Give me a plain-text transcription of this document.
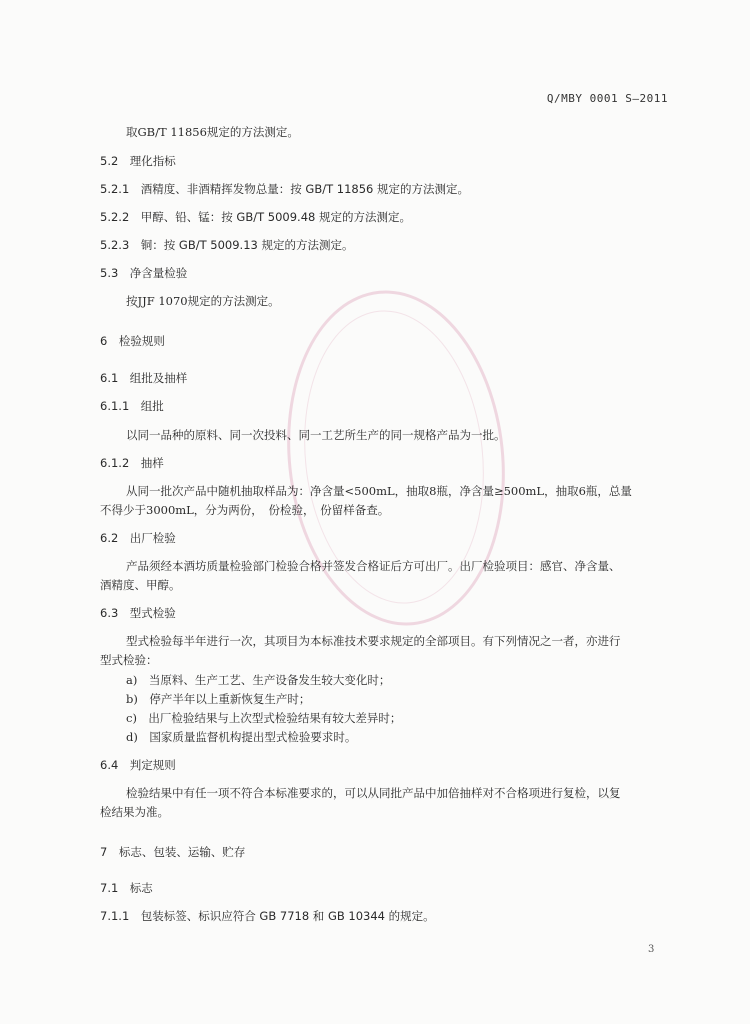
Q/MBY 0001 S—2011
取GB/T 11856规定的方法测定。
5.2　理化指标
5.2.1　酒精度、非酒精挥发物总量：按 GB/T 11856 规定的方法测定。
5.2.2　甲醇、铅、锰：按 GB/T 5009.48 规定的方法测定。
5.2.3　铜：按 GB/T 5009.13 规定的方法测定。
5.3　净含量检验
按JJF 1070规定的方法测定。
6　检验规则
6.1　组批及抽样
6.1.1　组批
以同一品种的原料、同一次投料、同一工艺所生产的同一规格产品为一批。
6.1.2　抽样
从同一批次产品中随机抽取样品为：净含量<500mL，抽取8瓶，净含量≥500mL，抽取6瓶，总量
不得少于3000mL，分为两份，　份检验，　份留样备查。
6.2　出厂检验
产品须经本酒坊质量检验部门检验合格并签发合格证后方可出厂。出厂检验项目：感官、净含量、
酒精度、甲醇。
6.3　型式检验
型式检验每半年进行一次，其项目为本标准技术要求规定的全部项目。有下列情况之一者，亦进行
型式检验：
a)　当原料、生产工艺、生产设备发生较大变化时；
b)　停产半年以上重新恢复生产时；
c)　出厂检验结果与上次型式检验结果有较大差异时；
d)　国家质量监督机构提出型式检验要求时。
6.4　判定规则
检验结果中有任一项不符合本标准要求的，可以从同批产品中加倍抽样对不合格项进行复检，以复
检结果为准。
7　标志、包装、运输、贮存
7.1　标志
7.1.1　包装标签、标识应符合 GB 7718 和 GB 10344 的规定。
3
